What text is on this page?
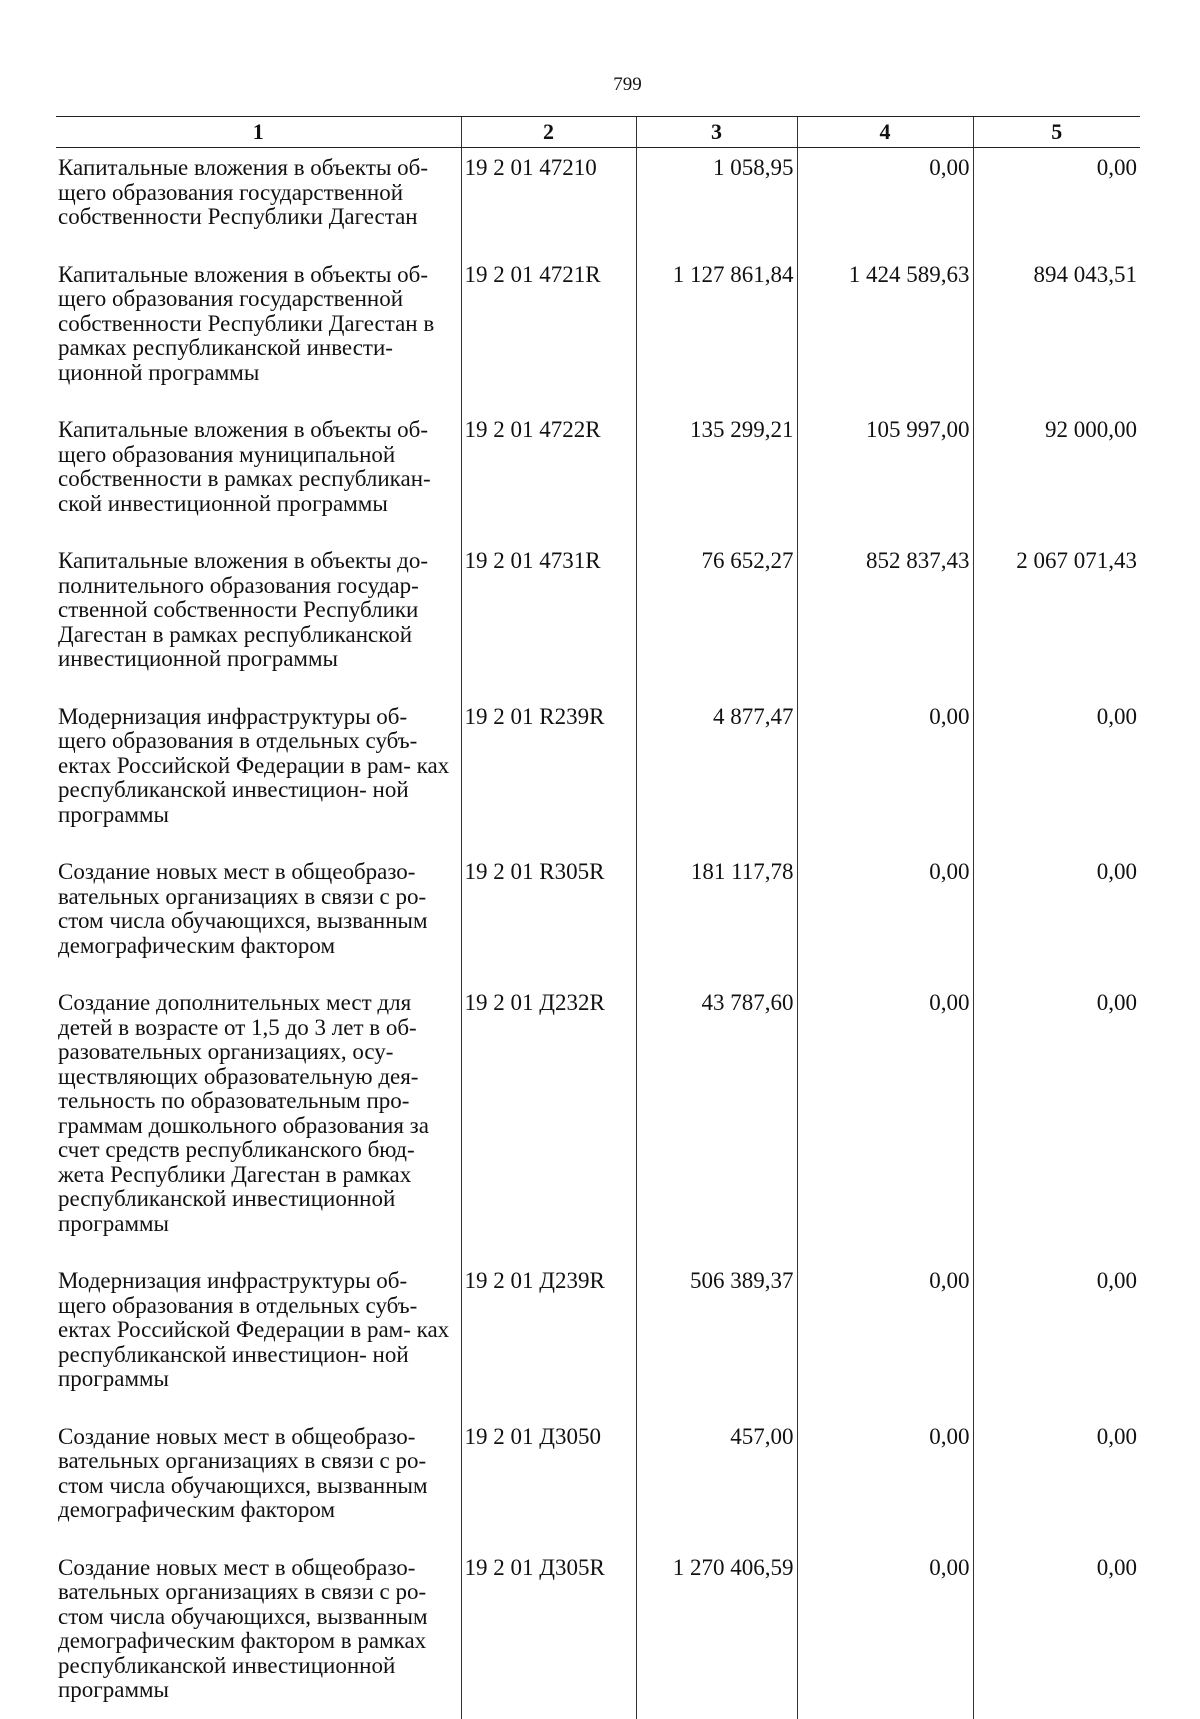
799
1	2	3	4	5
Капитальные вложения в объекты об- щего образования государственной собственности Республики Дагестан	19 2 01 47210	1 058,95	0,00	0,00
Капитальные вложения в объекты об- щего образования государственной собственности Республики Дагестан в рамках республиканской инвести- ционной программы	19 2 01 4721R	1 127 861,84	1 424 589,63	894 043,51
Капитальные вложения в объекты об- щего образования муниципальной собственности в рамках республикан- ской инвестиционной программы	19 2 01 4722R	135 299,21	105 997,00	92 000,00
Капитальные вложения в объекты до- полнительного образования государ- ственной собственности Республики Дагестан в рамках республиканской инвестиционной программы	19 2 01 4731R	76 652,27	852 837,43	2 067 071,43
Модернизация инфраструктуры об- щего образования в отдельных субъ- ектах Российской Федерации в рам- ках республиканской инвестицион- ной программы	19 2 01 R239R	4 877,47	0,00	0,00
Создание новых мест в общеобразо- вательных организациях в связи с ро- стом числа обучающихся, вызванным демографическим фактором	19 2 01 R305R	181 117,78	0,00	0,00
Создание дополнительных мест для детей в возрасте от 1,5 до 3 лет в об- разовательных организациях, осу- ществляющих образовательную дея- тельность по образовательным про- граммам дошкольного образования за счет средств республиканского бюд- жета Республики Дагестан в рамках республиканской инвестиционной программы	19 2 01 Д232R	43 787,60	0,00	0,00
Модернизация инфраструктуры об- щего образования в отдельных субъ- ектах Российской Федерации в рам- ках республиканской инвестицион- ной программы	19 2 01 Д239R	506 389,37	0,00	0,00
Создание новых мест в общеобразо- вательных организациях в связи с ро- стом числа обучающихся, вызванным демографическим фактором	19 2 01 Д3050	457,00	0,00	0,00
Создание новых мест в общеобразо- вательных организациях в связи с ро- стом числа обучающихся, вызванным демографическим фактором в рамках республиканской инвестиционной программы	19 2 01 Д305R	1 270 406,59	0,00	0,00
